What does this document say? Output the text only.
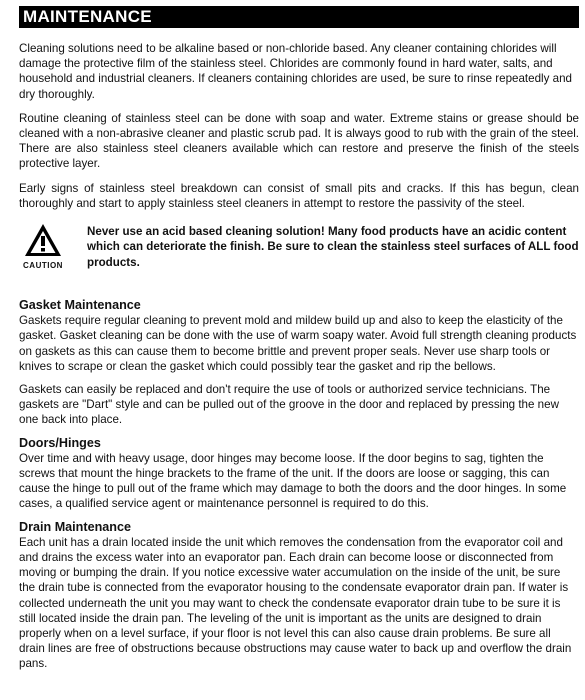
MAINTENANCE

Cleaning solutions need to be alkaline based or non-chloride based. Any cleaner containing chlorides will damage the protective film of the stainless steel. Chlorides are commonly found in hard water, salts, and household and industrial cleaners. If cleaners containing chlorides are used, be sure to rinse repeatedly and dry thoroughly.

Routine cleaning of stainless steel can be done with soap and water. Extreme stains or grease should be cleaned with a non-abrasive cleaner and plastic scrub pad. It is always good to rub with the grain of the steel. There are also stainless steel cleaners available which can restore and preserve the finish of the steels protective layer.

Early signs of stainless steel breakdown can consist of small pits and cracks. If this has begun, clean thoroughly and start to apply stainless steel cleaners in attempt to restore the passivity of the steel.

CAUTION
Never use an acid based cleaning solution! Many food products have an acidic content which can deteriorate the finish. Be sure to clean the stainless steel surfaces of ALL food products.
Gasket Maintenance

Gaskets require regular cleaning to prevent mold and mildew build up and also to keep the elasticity of the gasket. Gasket cleaning can be done with the use of warm soapy water. Avoid full strength cleaning products on gaskets as this can cause them to become brittle and prevent proper seals. Never use sharp tools or knives to scrape or clean the gasket which could possibly tear the gasket and rip the bellows.

Gaskets can easily be replaced and don't require the use of tools or authorized service technicians. The gaskets are "Dart" style and can be pulled out of the groove in the door and replaced by pressing the new one back into place.

Doors/Hinges

Over time and with heavy usage, door hinges may become loose. If the door begins to sag, tighten the screws that mount the hinge brackets to the frame of the unit. If the doors are loose or sagging, this can cause the hinge to pull out of the frame which may damage to both the doors and the door hinges. In some cases, a qualified service agent or maintenance personnel is required to do this.

Drain Maintenance

Each unit has a drain located inside the unit which removes the condensation from the evaporator coil and and drains the excess water into an evaporator pan. Each drain can become loose or disconnected from moving or bumping the drain. If you notice excessive water accumulation on the inside of the unit, be sure the drain tube is connected from the evaporator housing to the condensate evaporator drain pan. If water is collected underneath the unit you may want to check the condensate evaporator drain tube to be sure it is still located inside the drain pan. The leveling of the unit is important as the units are designed to drain properly when on a level surface, if your floor is not level this can also cause drain problems. Be sure all drain lines are free of obstructions because obstructions may cause water to back up and overflow the drain pans.
